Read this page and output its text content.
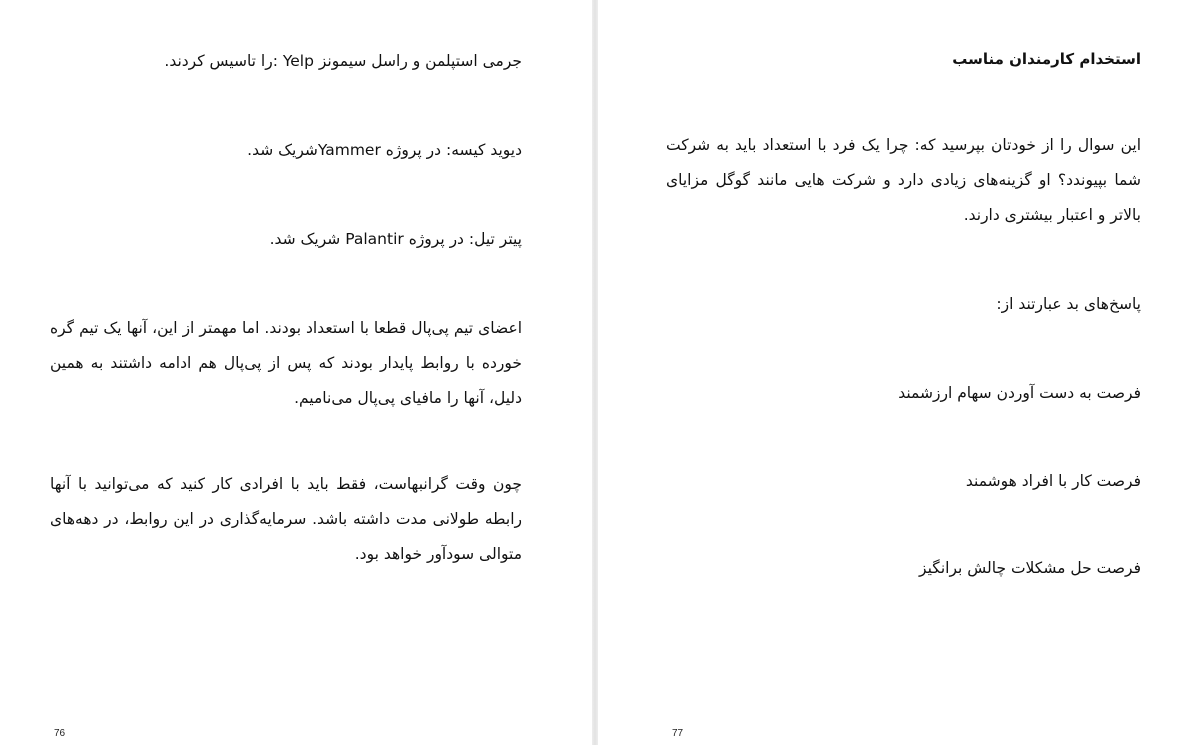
جرمی استپلمن و راسل سیمونز Yelp :را تاسیس کردند.

دیوید کیسه: در پروژه Yammerشریک شد.

پیتر تیل: در پروژه Palantir شریک شد.

اعضای تیم پی‌پال قطعا با استعداد بودند. اما مهمتر از این، آنها یک تیم گره خورده با روابط پایدار بودند که پس از پی‌پال هم ادامه داشتند به همین دلیل، آنها را مافیای پی‌پال می‌نامیم.

چون وقت گرانبهاست، فقط باید با افرادی کار کنید که می‌توانید با آنها رابطه طولانی مدت داشته باشد. سرمایه‌گذاری در این روابط، در دهه‌های متوالی سودآور خواهد بود.

76
استخدام کارمندان مناسب

این سوال را از خودتان بپرسید که: چرا یک فرد با استعداد باید به شرکت شما بپیوندد؟ او گزینه‌های زیادی دارد و شرکت هایی مانند گوگل مزایای بالاتر و اعتبار بیشتری دارند.

پاسخ‌های بد عبارتند از:

فرصت به دست آوردن سهام ارزشمند

فرصت کار با افراد هوشمند

فرصت حل مشکلات چالش برانگیز

77
